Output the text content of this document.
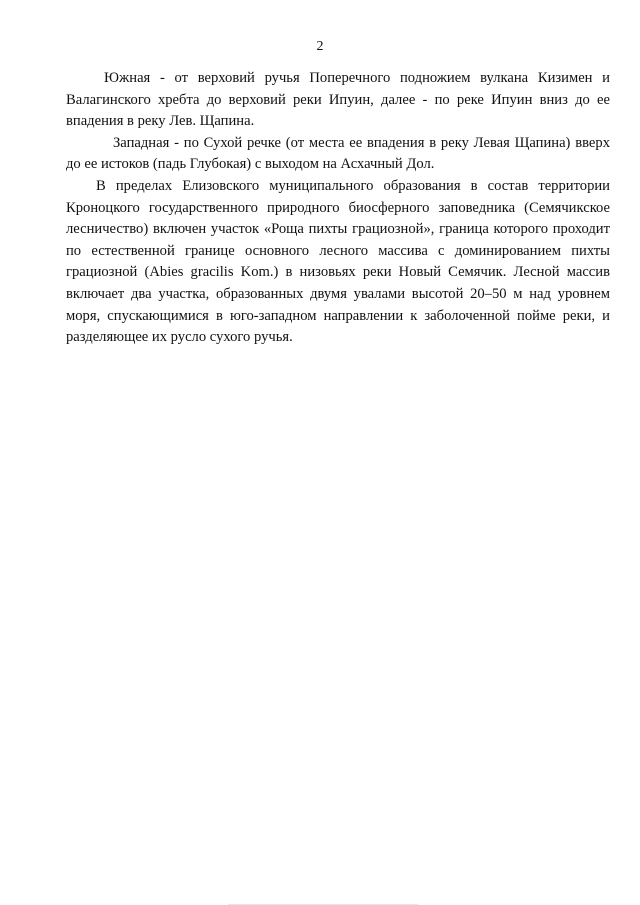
2

Южная - от верховий ручья Поперечного подножием вулкана Кизимен и Валагинского хребта до верховий реки Ипуин, далее - по реке Ипуин вниз до ее впадения в реку Лев. Щапина.

Западная - по Сухой речке (от места ее впадения в реку Левая Щапина) вверх до ее истоков (падь Глубокая) с выходом на Асхачный Дол.

В пределах Елизовского муниципального образования в состав территории Кроноцкого государственного природного биосферного заповедника (Семячикское лесничество) включен участок «Роща пихты грациозной», граница которого проходит по естественной границе основного лесного массива с доминированием пихты грациозной (Abies gracilis Kom.) в низовьях реки Новый Семячик. Лесной массив включает два участка, образованных двумя увалами высотой 20–50 м над уровнем моря, спускающимися в юго-западном направлении к заболоченной пойме реки, и разделяющее их русло сухого ручья.
